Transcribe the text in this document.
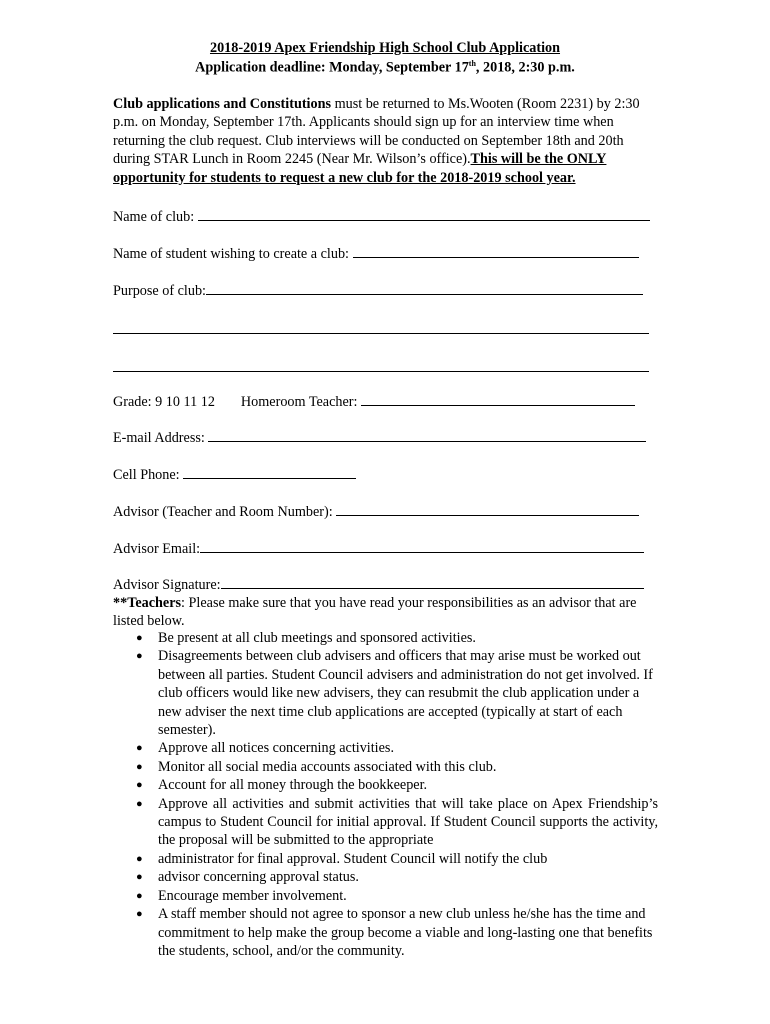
2018-2019 Apex Friendship High School Club Application
Application deadline: Monday, September 17th, 2018, 2:30 p.m.
Club applications and Constitutions must be returned to Ms.Wooten (Room 2231) by 2:30 p.m. on Monday, September 17th. Applicants should sign up for an interview time when returning the club request. Club interviews will be conducted on September 18th and 20th during STAR Lunch in Room 2245 (Near Mr. Wilson’s office).This will be the ONLY opportunity for students to request a new club for the 2018-2019 school year.
Name of club:
Name of student wishing to create a club:
Purpose of club:
Grade: 9 10 11 12 Homeroom Teacher:
E-mail Address:
Cell Phone:
Advisor (Teacher and Room Number):
Advisor Email:
Advisor Signature:
**Teachers: Please make sure that you have read your responsibilities as an advisor that are listed below.
● Be present at all club meetings and sponsored activities.
● Disagreements between club advisers and officers that may arise must be worked out between all parties. Student Council advisers and administration do not get involved. If club officers would like new advisers, they can resubmit the club application under a new adviser the next time club applications are accepted (typically at start of each semester).
● Approve all notices concerning activities.
● Monitor all social media accounts associated with this club.
● Account for all money through the bookkeeper.
● Approve all activities and submit activities that will take place on Apex Friendship’s campus to Student Council for initial approval. If Student Council supports the activity, the proposal will be submitted to the appropriate
● administrator for final approval. Student Council will notify the club
● advisor concerning approval status.
● Encourage member involvement.
● A staff member should not agree to sponsor a new club unless he/she has the time and commitment to help make the group become a viable and long-lasting one that benefits the students, school, and/or the community.
